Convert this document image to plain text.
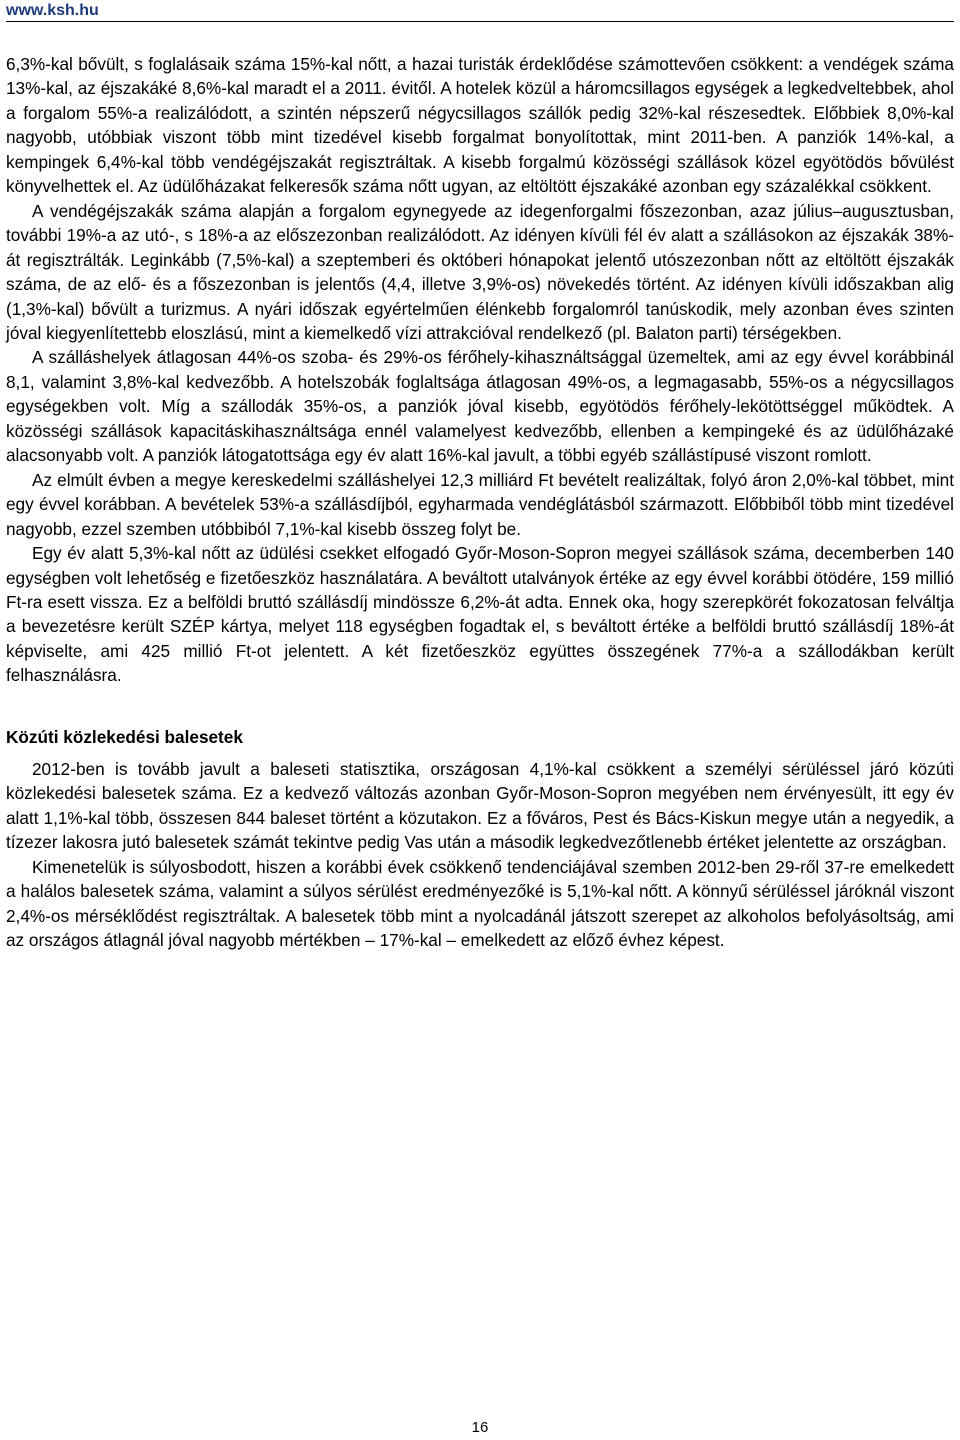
www.ksh.hu

6,3%-kal bővült, s foglalásaik száma 15%-kal nőtt, a hazai turisták érdeklődése számottevően csökkent: a vendégek száma 13%-kal, az éjszakáké 8,6%-kal maradt el a 2011. évitől. A hotelek közül a háromcsillagos egységek a legkedveltebbek, ahol a forgalom 55%-a realizálódott, a szintén népszerű négycsillagos szállók pedig 32%-kal részesedtek. Előbbiek 8,0%-kal nagyobb, utóbbiak viszont több mint tizedével kisebb forgalmat bonyolítottak, mint 2011-ben. A panziók 14%-kal, a kempingek 6,4%-kal több vendégéjszakát regisztráltak. A kisebb forgalmú közösségi szállások közel egyötödös bővülést könyvelhettek el. Az üdülőházakat felkeresők száma nőtt ugyan, az eltöltött éjszakáké azonban egy százalékkal csökkent.

A vendégéjszakák száma alapján a forgalom egynegyede az idegenforgalmi főszezonban, azaz július–augusztusban, további 19%-a az utó-, s 18%-a az előszezonban realizálódott. Az idényen kívüli fél év alatt a szállásokon az éjszakák 38%-át regisztrálták. Leginkább (7,5%-kal) a szeptemberi és októberi hónapokat jelentő utószezonban nőtt az eltöltött éjszakák száma, de az elő- és a főszezonban is jelentős (4,4, illetve 3,9%-os) növekedés történt. Az idényen kívüli időszakban alig (1,3%-kal) bővült a turizmus. A nyári időszak egyértelműen élénkebb forgalomról tanúskodik, mely azonban éves szinten jóval kiegyenlítettebb eloszlású, mint a kiemelkedő vízi attrakcióval rendelkező (pl. Balaton parti) térségekben.

A szálláshelyek átlagosan 44%-os szoba- és 29%-os férőhely-kihasználtsággal üzemeltek, ami az egy évvel korábbinál 8,1, valamint 3,8%-kal kedvezőbb. A hotelszobák foglaltsága átlagosan 49%-os, a legmagasabb, 55%-os a négycsillagos egységekben volt. Míg a szállodák 35%-os, a panziók jóval kisebb, egyötödös férőhely-lekötöttséggel működtek. A közösségi szállások kapacitáskihasználtsága ennél valamelyest kedvezőbb, ellenben a kempingeké és az üdülőházaké alacsonyabb volt. A panziók látogatottsága egy év alatt 16%-kal javult, a többi egyéb szállástípusé viszont romlott.

Az elmúlt évben a megye kereskedelmi szálláshelyei 12,3 milliárd Ft bevételt realizáltak, folyó áron 2,0%-kal többet, mint egy évvel korábban. A bevételek 53%-a szállásdíjból, egyharmada vendéglátásból származott. Előbbiből több mint tizedével nagyobb, ezzel szemben utóbbiból 7,1%-kal kisebb összeg folyt be.

Egy év alatt 5,3%-kal nőtt az üdülési csekket elfogadó Győr-Moson-Sopron megyei szállások száma, decemberben 140 egységben volt lehetőség e fizetőeszköz használatára. A beváltott utalványok értéke az egy évvel korábbi ötödére, 159 millió Ft-ra esett vissza. Ez a belföldi bruttó szállásdíj mindössze 6,2%-át adta. Ennek oka, hogy szerepkörét fokozatosan felváltja a bevezetésre került SZÉP kártya, melyet 118 egységben fogadtak el, s beváltott értéke a belföldi bruttó szállásdíj 18%-át képviselte, ami 425 millió Ft-ot jelentett. A két fizetőeszköz együttes összegének 77%-a a szállodákban került felhasználásra.

Közúti közlekedési balesetek

2012-ben is tovább javult a baleseti statisztika, országosan 4,1%-kal csökkent a személyi sérüléssel járó közúti közlekedési balesetek száma. Ez a kedvező változás azonban Győr-Moson-Sopron megyében nem érvényesült, itt egy év alatt 1,1%-kal több, összesen 844 baleset történt a közutakon. Ez a főváros, Pest és Bács-Kiskun megye után a negyedik, a tízezer lakosra jutó balesetek számát tekintve pedig Vas után a második legkedvezőtlenebb értéket jelentette az országban.

Kimenetelük is súlyosbodott, hiszen a korábbi évek csökkenő tendenciájával szemben 2012-ben 29-ről 37-re emelkedett a halálos balesetek száma, valamint a súlyos sérülést eredményezőké is 5,1%-kal nőtt. A könnyű sérüléssel járóknál viszont 2,4%-os mérséklődést regisztráltak. A balesetek több mint a nyolcadánál játszott szerepet az alkoholos befolyásoltság, ami az országos átlagnál jóval nagyobb mértékben – 17%-kal – emelkedett az előző évhez képest.

16
